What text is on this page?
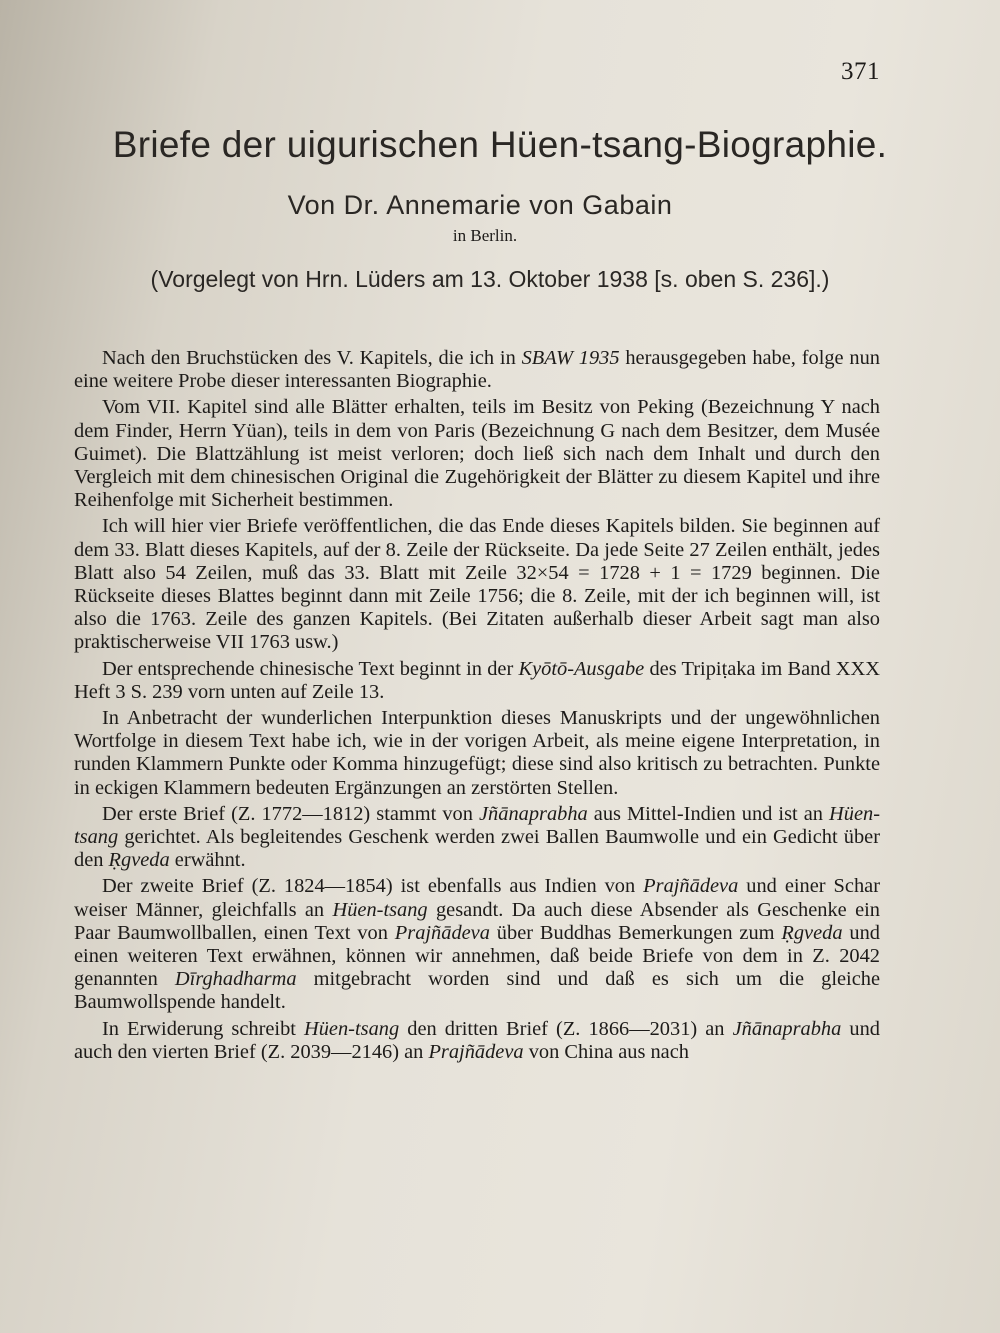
371
Briefe der uigurischen Hüen-tsang-Biographie.
Von Dr. Annemarie von Gabain
in Berlin.
(Vorgelegt von Hrn. Lüders am 13. Oktober 1938 [s. oben S. 236].)

Nach den Bruchstücken des V. Kapitels, die ich in SBAW 1935 herausgegeben habe, folge nun eine weitere Probe dieser interessanten Biographie.

Vom VII. Kapitel sind alle Blätter erhalten, teils im Besitz von Peking (Bezeichnung Y nach dem Finder, Herrn Yüan), teils in dem von Paris (Bezeichnung G nach dem Besitzer, dem Musée Guimet). Die Blattzählung ist meist verloren; doch ließ sich nach dem Inhalt und durch den Vergleich mit dem chinesischen Original die Zugehörigkeit der Blätter zu diesem Kapitel und ihre Reihenfolge mit Sicherheit bestimmen.

Ich will hier vier Briefe veröffentlichen, die das Ende dieses Kapitels bilden. Sie beginnen auf dem 33. Blatt dieses Kapitels, auf der 8. Zeile der Rückseite. Da jede Seite 27 Zeilen enthält, jedes Blatt also 54 Zeilen, muß das 33. Blatt mit Zeile 32×54 = 1728 + 1 = 1729 beginnen. Die Rückseite dieses Blattes beginnt dann mit Zeile 1756; die 8. Zeile, mit der ich beginnen will, ist also die 1763. Zeile des ganzen Kapitels. (Bei Zitaten außerhalb dieser Arbeit sagt man also praktischerweise VII 1763 usw.)

Der entsprechende chinesische Text beginnt in der Kyōtō-Ausgabe des Tripiṭaka im Band XXX Heft 3 S. 239 vorn unten auf Zeile 13.

In Anbetracht der wunderlichen Interpunktion dieses Manuskripts und der ungewöhnlichen Wortfolge in diesem Text habe ich, wie in der vorigen Arbeit, als meine eigene Interpretation, in runden Klammern Punkte oder Komma hinzugefügt; diese sind also kritisch zu betrachten. Punkte in eckigen Klammern bedeuten Ergänzungen an zerstörten Stellen.

Der erste Brief (Z. 1772—1812) stammt von Jñānaprabha aus Mittel-Indien und ist an Hüen-tsang gerichtet. Als begleitendes Geschenk werden zwei Ballen Baumwolle und ein Gedicht über den Ṛgveda erwähnt.

Der zweite Brief (Z. 1824—1854) ist ebenfalls aus Indien von Prajñādeva und einer Schar weiser Männer, gleichfalls an Hüen-tsang gesandt. Da auch diese Absender als Geschenke ein Paar Baumwollballen, einen Text von Prajñādeva über Buddhas Bemerkungen zum Ṛgveda und einen weiteren Text erwähnen, können wir annehmen, daß beide Briefe von dem in Z. 2042 genannten Dīrghadharma mitgebracht worden sind und daß es sich um die gleiche Baumwollspende handelt.

In Erwiderung schreibt Hüen-tsang den dritten Brief (Z. 1866—2031) an Jñānaprabha und auch den vierten Brief (Z. 2039—2146) an Prajñādeva von China aus nach
